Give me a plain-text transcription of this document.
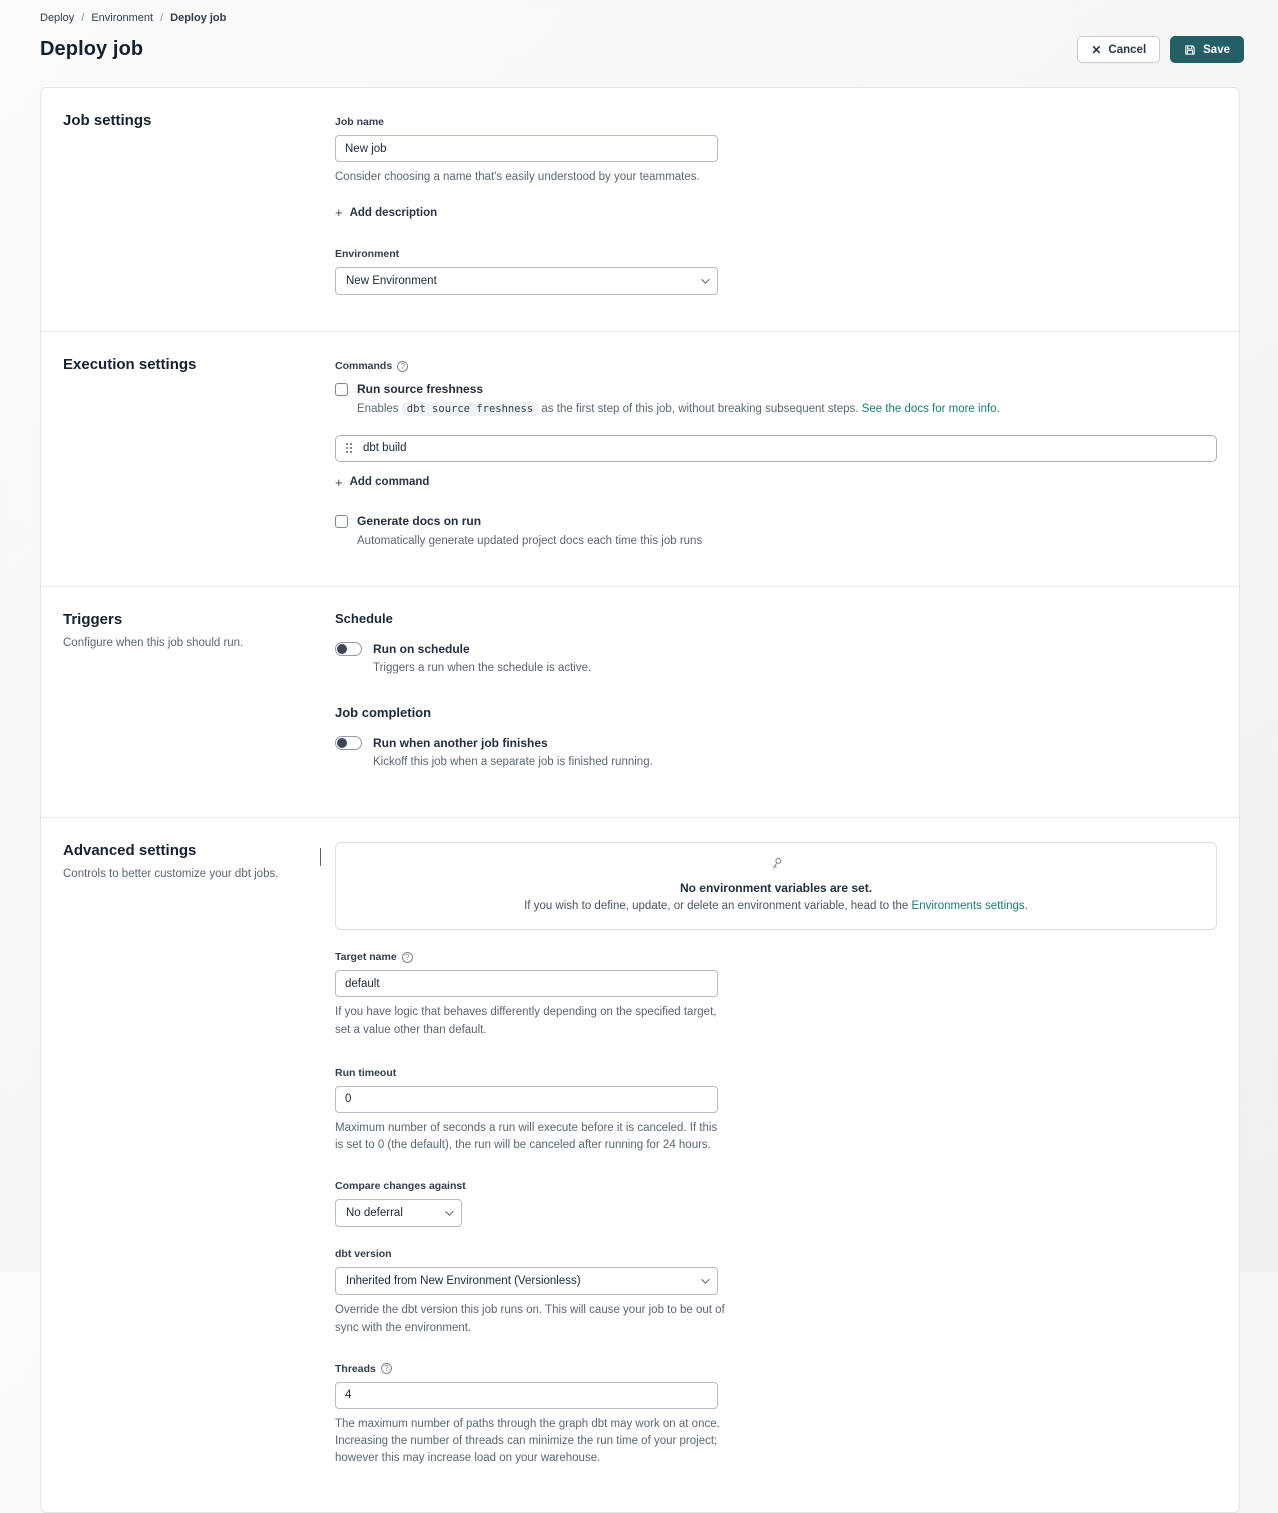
Deploy / Environment / Deploy job
Deploy job	✕ Cancel	Save
Job settings	Job name
New job
Consider choosing a name that's easily understood by your teammates.
+ Add description
Environment
New Environment
Execution settings	Commands	?
Run source freshness
Enables dbt source freshness as the first step of this job, without breaking subsequent steps. See the docs for more info.
dbt build
+ Add command
Generate docs on run
Automatically generate updated project docs each time this job runs
Triggers
Configure when this job should run.
Schedule
Run on schedule
Triggers a run when the schedule is active.
Job completion
Run when another job finishes
Kickoff this job when a separate job is finished running.
Advanced settings
Controls to better customize your dbt jobs.
No environment variables are set.
If you wish to define, update, or delete an environment variable, head to the Environments settings.
Target name	?
default
If you have logic that behaves differently depending on the specified target, set a value other than default.
Run timeout
0
Maximum number of seconds a run will execute before it is canceled. If this is set to 0 (the default), the run will be canceled after running for 24 hours.
Compare changes against
No deferral
dbt version
Inherited from New Environment (Versionless)
Override the dbt version this job runs on. This will cause your job to be out of sync with the environment.
Threads	?
4
The maximum number of paths through the graph dbt may work on at once. Increasing the number of threads can minimize the run time of your project; however this may increase load on your warehouse.
